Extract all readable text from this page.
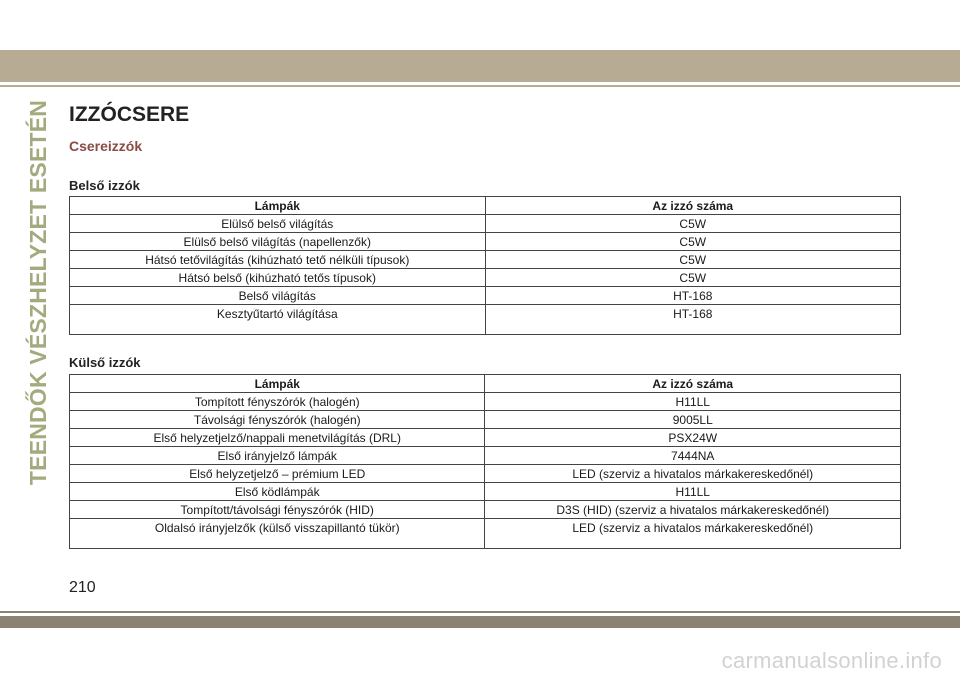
TEENDŐK VÉSZHELYZET ESETÉN IZZÓCSERE
Csereizzók
Belső izzók
Lámpák	Az izzó száma
Elülső belső világítás	C5W
Elülső belső világítás (napellenzők)	C5W
Hátsó tetővilágítás (kihúzható tető nélküli típusok)	C5W
Hátsó belső (kihúzható tetős típusok)	C5W
Belső világítás	HT-168
Kesztyűtartó világítása	HT-168
Külső izzók
Lámpák	Az izzó száma
Tompított fényszórók (halogén)	H11LL
Távolsági fényszórók (halogén)	9005LL
Első helyzetjelző/nappali menetvilágítás (DRL)	PSX24W
Első irányjelző lámpák	7444NA
Első helyzetjelző – prémium LED	LED (szerviz a hivatalos márkakereskedőnél)
Első ködlámpák	H11LL
Tompított/távolsági fényszórók (HID)	D3S (HID) (szerviz a hivatalos márkakereskedőnél)
Oldalsó irányjelzők (külső visszapillantó tükör)	LED (szerviz a hivatalos márkakereskedőnél)
210
carmanualsonline.info
